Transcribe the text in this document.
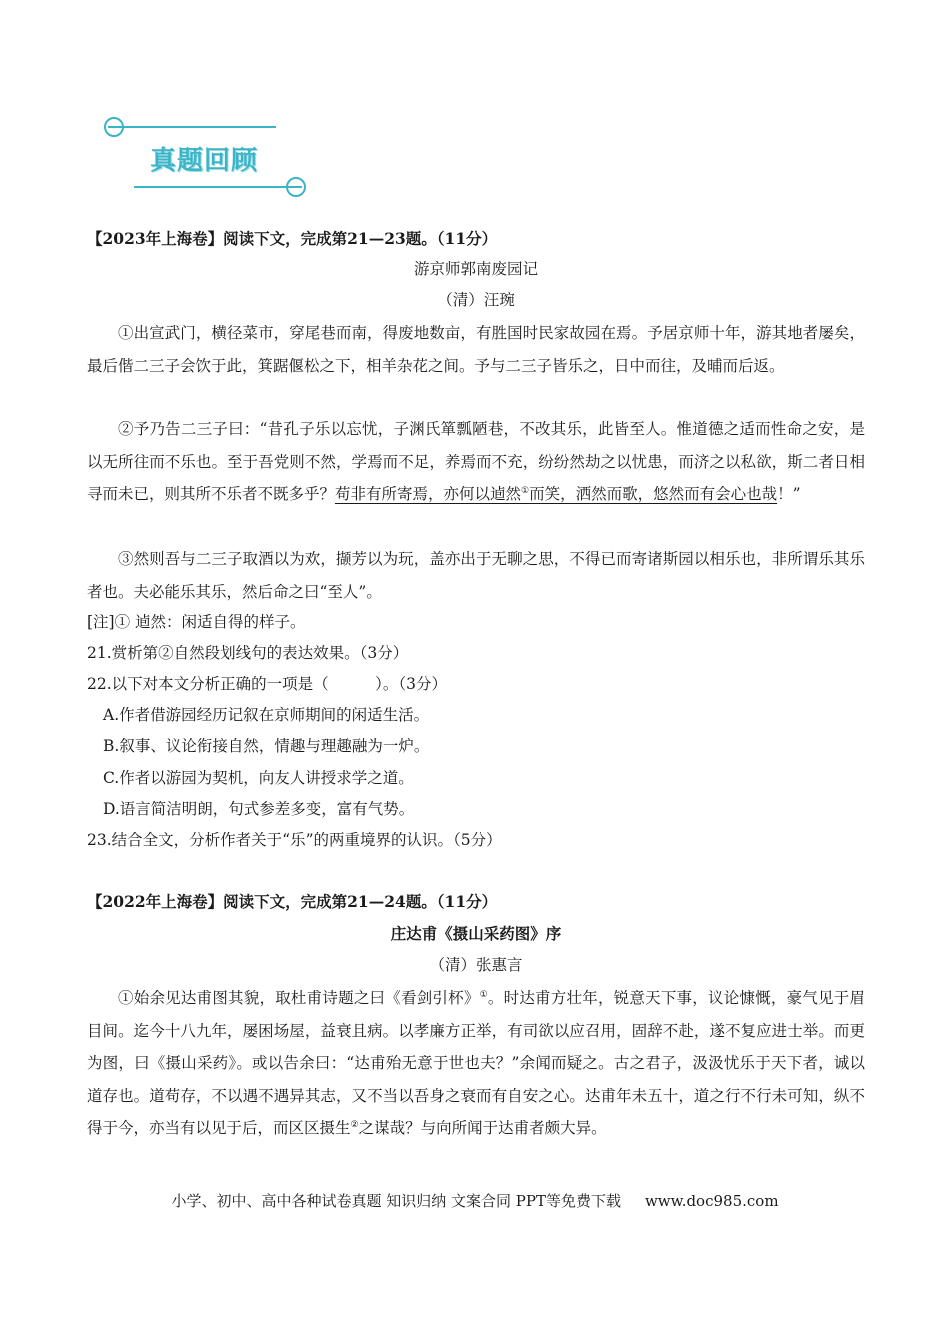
真题回顾
【2023年上海卷】阅读下文，完成第21—23题。（11分）
游京师郭南废园记
（清）汪琬
①出宣武门，横径菜市，穿尾巷而南，得废地数亩，有胜国时民家故园在焉。予居京师十年，游其地者屡矣，最后偕二三子会饮于此，箕踞偃松之下，相羊杂花之间。予与二三子皆乐之，日中而往，及晡而后返。
②予乃告二三子曰：“昔孔子乐以忘忧，子渊氏箪瓢陋巷，不改其乐，此皆至人。惟道德之适而性命之安，是以无所往而不乐也。至于吾党则不然，学焉而不足，养焉而不充，纷纷然劫之以忧患，而济之以私欲，斯二者日相寻而未已，则其所不乐者不既多乎？苟非有所寄焉，亦何以逌然①而笑，洒然而歌，悠然而有会心也哉！”
③然则吾与二三子取酒以为欢，撷芳以为玩，盖亦出于无聊之思，不得已而寄诸斯园以相乐也，非所谓乐其乐者也。夫必能乐其乐，然后命之曰“至人”。
[注]① 逌然：闲适自得的样子。
21.赏析第②自然段划线句的表达效果。（3分）
22.以下对本文分析正确的一项是（　　　）。（3分）
A.作者借游园经历记叙在京师期间的闲适生活。
B.叙事、议论衔接自然，情趣与理趣融为一炉。
C.作者以游园为契机，向友人讲授求学之道。
D.语言简洁明朗，句式参差多变，富有气势。
23.结合全文，分析作者关于“乐”的两重境界的认识。（5分）
【2022年上海卷】阅读下文，完成第21—24题。（11分）
庄达甫《摄山采药图》序
（清）张惠言
①始余见达甫图其貌，取杜甫诗题之曰《看剑引杯》①。时达甫方壮年，锐意天下事，议论慷慨，豪气见于眉目间。迄今十八九年，屡困场屋，益衰且病。以孝廉方正举，有司欲以应召用，固辞不赴，遂不复应进士举。而更为图，曰《摄山采药》。或以告余曰：“达甫殆无意于世也夫？”余闻而疑之。古之君子，汲汲忧乐于天下者，诚以道存也。道苟存，不以遇不遇异其志，又不当以吾身之衰而有自安之心。达甫年未五十，道之行不行未可知，纵不得于今，亦当有以见于后，而区区摄生②之谋哉？与向所闻于达甫者颇大异。
小学、初中、高中各种试卷真题 知识归纳 文案合同 PPT等免费下载 www.doc985.com
